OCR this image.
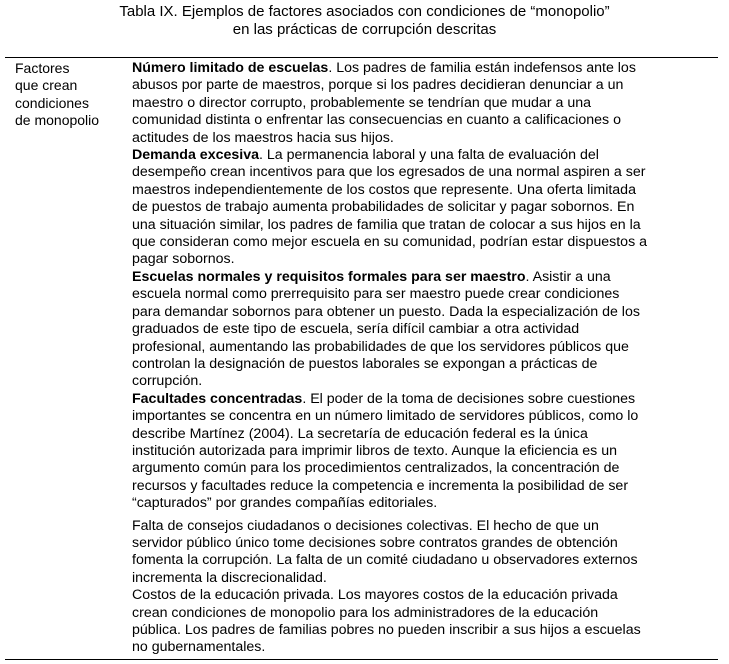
Tabla IX. Ejemplos de factores asociados con condiciones de “monopolio”
en las prácticas de corrupción descritas
Factores
que crean
condiciones
de monopolio
Número limitado de escuelas. Los padres de familia están indefensos ante los
abusos por parte de maestros, porque si los padres decidieran denunciar a un
maestro o director corrupto, probablemente se tendrían que mudar a una
comunidad distinta o enfrentar las consecuencias en cuanto a calificaciones o
actitudes de los maestros hacia sus hijos.
Demanda excesiva. La permanencia laboral y una falta de evaluación del
desempeño crean incentivos para que los egresados de una normal aspiren a ser
maestros independientemente de los costos que represente. Una oferta limitada
de puestos de trabajo aumenta probabilidades de solicitar y pagar sobornos. En
una situación similar, los padres de familia que tratan de colocar a sus hijos en la
que consideran como mejor escuela en su comunidad, podrían estar dispuestos a
pagar sobornos.
Escuelas normales y requisitos formales para ser maestro. Asistir a una
escuela normal como prerrequisito para ser maestro puede crear condiciones
para demandar sobornos para obtener un puesto. Dada la especialización de los
graduados de este tipo de escuela, sería difícil cambiar a otra actividad
profesional, aumentando las probabilidades de que los servidores públicos que
controlan la designación de puestos laborales se expongan a prácticas de
corrupción.
Facultades concentradas. El poder de la toma de decisiones sobre cuestiones
importantes se concentra en un número limitado de servidores públicos, como lo
describe Martínez (2004). La secretaría de educación federal es la única
institución autorizada para imprimir libros de texto. Aunque la eficiencia es un
argumento común para los procedimientos centralizados, la concentración de
recursos y facultades reduce la competencia e incrementa la posibilidad de ser
“capturados” por grandes compañías editoriales.
Falta de consejos ciudadanos o decisiones colectivas. El hecho de que un
servidor público único tome decisiones sobre contratos grandes de obtención
fomenta la corrupción. La falta de un comité ciudadano u observadores externos
incrementa la discrecionalidad.
Costos de la educación privada. Los mayores costos de la educación privada
crean condiciones de monopolio para los administradores de la educación
pública. Los padres de familias pobres no pueden inscribir a sus hijos a escuelas
no gubernamentales.
